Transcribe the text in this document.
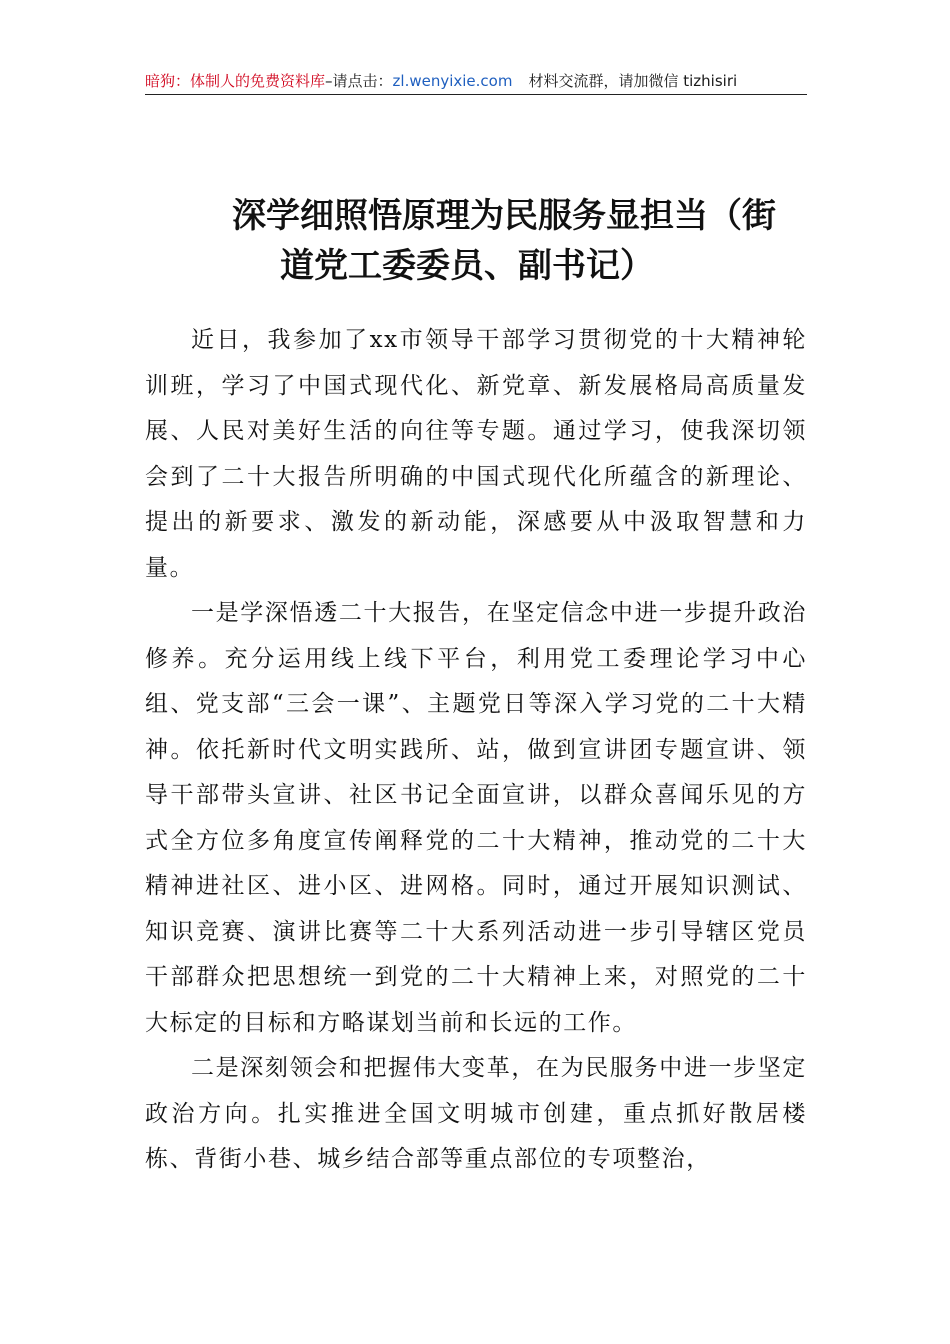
暗狗：体制人的免费资料库–请点击：zl.wenyixie.com 材料交流群，请加微信 tizhisiri
深学细照悟原理为民服务显担当（街
道党工委委员、副书记）

近日，我参加了xx市领导干部学习贯彻党的十大精神轮训班，学习了中国式现代化、新党章、新发展格局高质量发展、人民对美好生活的向往等专题。通过学习，使我深切领会到了二十大报告所明确的中国式现代化所蕴含的新理论、提出的新要求、激发的新动能，深感要从中汲取智慧和力量。

一是学深悟透二十大报告，在坚定信念中进一步提升政治修养。充分运用线上线下平台，利用党工委理论学习中心组、党支部“三会一课”、主题党日等深入学习党的二十大精神。依托新时代文明实践所、站，做到宣讲团专题宣讲、领导干部带头宣讲、社区书记全面宣讲，以群众喜闻乐见的方式全方位多角度宣传阐释党的二十大精神，推动党的二十大精神进社区、进小区、进网格。同时，通过开展知识测试、知识竞赛、演讲比赛等二十大系列活动进一步引导辖区党员干部群众把思想统一到党的二十大精神上来，对照党的二十大标定的目标和方略谋划当前和长远的工作。

二是深刻领会和把握伟大变革，在为民服务中进一步坚定政治方向。扎实推进全国文明城市创建，重点抓好散居楼栋、背街小巷、城乡结合部等重点部位的专项整治，
